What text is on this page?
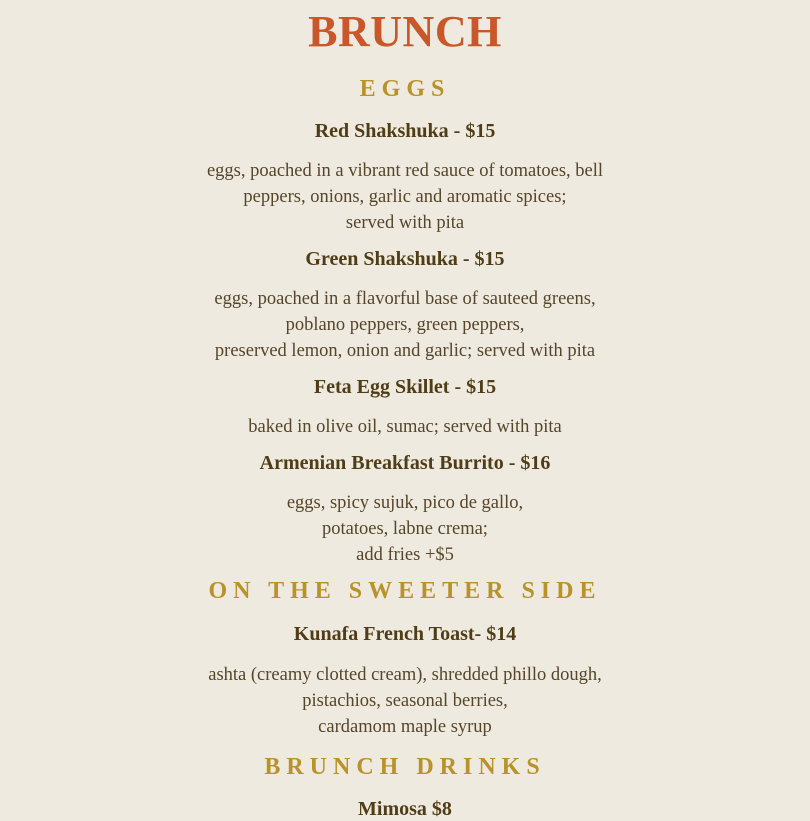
BRUNCH
EGGS
Red Shakshuka - $15
eggs, poached in a vibrant red sauce of tomatoes, bell
peppers, onions, garlic and aromatic spices;
served with pita
Green Shakshuka - $15
eggs, poached in a flavorful base of sauteed greens,
poblano peppers, green peppers,
preserved lemon, onion and garlic; served with pita
Feta Egg Skillet - $15
baked in olive oil, sumac; served with pita
Armenian Breakfast Burrito - $16
eggs, spicy sujuk, pico de gallo,
potatoes, labne crema;
add fries +$5
ON THE SWEETER SIDE
Kunafa French Toast- $14
ashta (creamy clotted cream), shredded phillo dough,
pistachios, seasonal berries,
cardamom maple syrup
BRUNCH DRINKS
Mimosa $8
